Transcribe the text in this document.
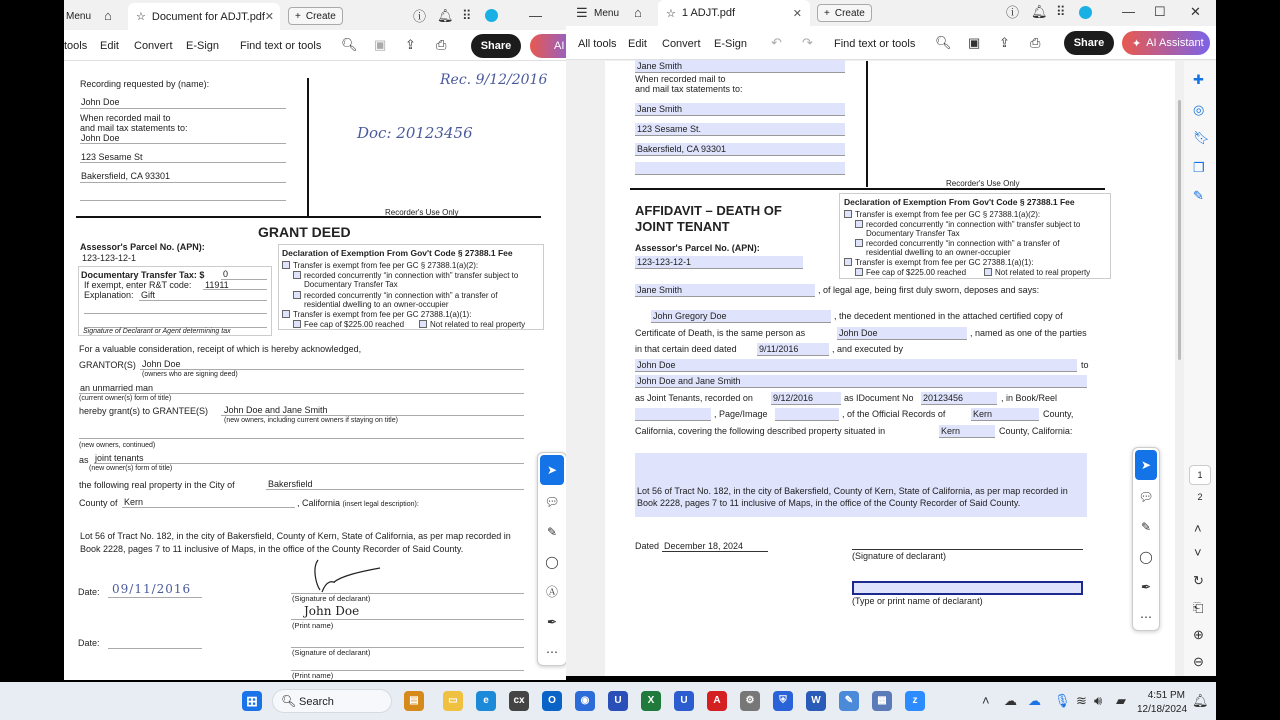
Menu ⌂ ☆ Document for ADJT.pdf ✕ + Create	ⓘ 🔔︎ ⠿	—
tools Edit Convert E-Sign Find text or tools 🔍︎ ▣ ⇪ ⎙	Share	AI
Recording requested by (name):
John Doe
When recorded mail to
and mail tax statements to:
John Doe
123 Sesame St
Bakersfield, CA 93301
Rec. 9/12/2016
Doc: 20123456
Recorder's Use Only
GRANT DEED
Assessor's Parcel No. (APN):
123-123-12-1
Documentary Transfer Tax: $ 0
If exempt, enter R&T code: 11911
Explanation: Gift
Signature of Declarant or Agent determining tax
Declaration of Exemption From Gov't Code § 27388.1 Fee
Transfer is exempt from fee per GC § 27388.1(a)(2):
recorded concurrently “in connection with” transfer subject to
Documentary Transfer Tax
recorded concurrently “in connection with” a transfer of
residential dwelling to an owner-occupier
Transfer is exempt from fee per GC 27388.1(a)(1):
Fee cap of $225.00 reached	Not related to real property
For a valuable consideration, receipt of which is hereby acknowledged,
GRANTOR(S) John Doe
(owners who are signing deed)
an unmarried man
(current owner(s) form of title)
hereby grant(s) to GRANTEE(S) John Doe and Jane Smith
(new owners, including current owners if staying on title)
(new owners, continued)
as joint tenants
(new owner(s) form of title)
the following real property in the City of	Bakersfield
County of Kern	, California (insert legal description):
Lot 56 of Tract No. 182, in the city of Bakersfield, County of Kern, State of California, as per map recorded in Book 2228, pages 7 to 11 inclusive of Maps, in the office of the County Recorder of Said County.
Date: 09/11/2016
(Signature of declarant)
John Doe
(Print name)
Date:
(Signature of declarant)
(Print name)
➤
💬︎
✎
◯
Ⓐ
✒
⋯
☰ Menu ⌂ ☆ 1 ADJT.pdf	✕ + Create	ⓘ 🔔︎ ⠿	— ☐ ✕
All tools Edit Convert E-Sign ↶ ↷ Find text or tools 🔍︎ ▣ ⇪ ⎙	Share	✦ AI Assistant
Jane Smith
When recorded mail to
and mail tax statements to:
Jane Smith
123 Sesame St.
Bakersfield, CA 93301
Recorder's Use Only
AFFIDAVIT – DEATH OF
JOINT TENANT
Assessor's Parcel No. (APN):
123-123-12-1
Declaration of Exemption From Gov't Code § 27388.1 Fee
Transfer is exempt from fee per GC § 27388.1(a)(2):
recorded concurrently “in connection with” transfer subject to
Documentary Transfer Tax
recorded concurrently “in connection with” a transfer of
residential dwelling to an owner-occupier
Transfer is exempt from fee per GC 27388.1(a)(1):
Fee cap of $225.00 reached	Not related to real property
Jane Smith	, of legal age, being first duly sworn, deposes and says:
John Gregory Doe	, the decedent mentioned in the attached certified copy of
Certificate of Death, is the same person as	John Doe	, named as one of the parties
in that certain deed dated 9/11/2016	, and executed by
John Doe	to
John Doe and Jane Smith
as Joint Tenants, recorded on 9/12/2016	as IDocument No 20123456	, in Book/Reel
, Page/Image	, of the Official Records of	Kern	County,
California, covering the following described property situated in	Kern	County, California:
Lot 56 of Tract No. 182, in the city of Bakersfield, County of Kern, State of California, as per map recorded in Book 2228, pages 7 to 11 inclusive of Maps, in the office of the County Recorder of Said County.
Dated December 18, 2024
(Signature of declarant)
(Type or print name of declarant)
➤
💬︎
✎
◯
✒
⋯
✚
◎
🔖︎
❐
✎
1
2
˄
˅
↻
⎗
⊕
⊖
⊞	🔍︎ Search	▤	▭	e	cx	O	◉	U	X	U	A	⚙	⛨	W	✎	▦	z	˄ ☁ ☁ 🎙︎ ≋ 🔊︎ ▰	4:51 PM
12/18/2024
🔔︎
